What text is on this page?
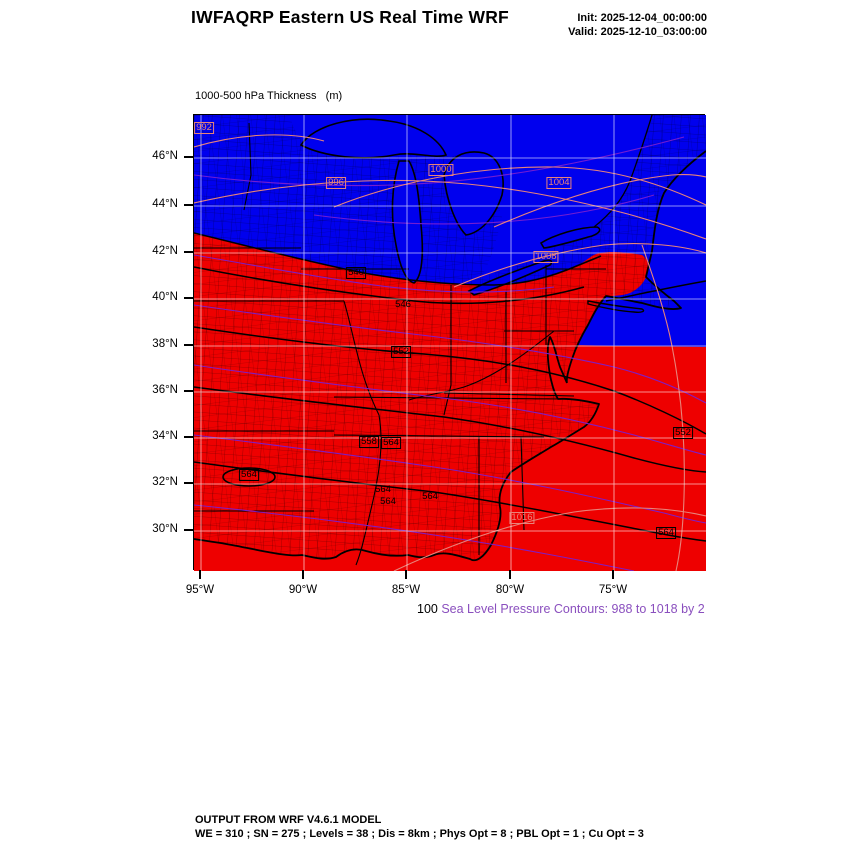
IWFAQRP Eastern US Real Time WRF	Init: 2025-12-04_00:00:00
Valid: 2025-12-10_03:00:00

1000-500 hPa Thickness   (m)

540
546
552
558 564
564
564	564
564
552
564
992
996
1000
1004
1008
1016
46°N
44°N
42°N
40°N
38°N
36°N
34°N
32°N
30°N
95°W	90°W	85°W	80°W	75°W
100 Sea Level Pressure Contours: 988 to 1018 by 2
OUTPUT FROM WRF V4.6.1 MODEL
WE = 310 ; SN = 275 ; Levels = 38 ; Dis = 8km ; Phys Opt = 8 ; PBL Opt = 1 ; Cu Opt = 3
